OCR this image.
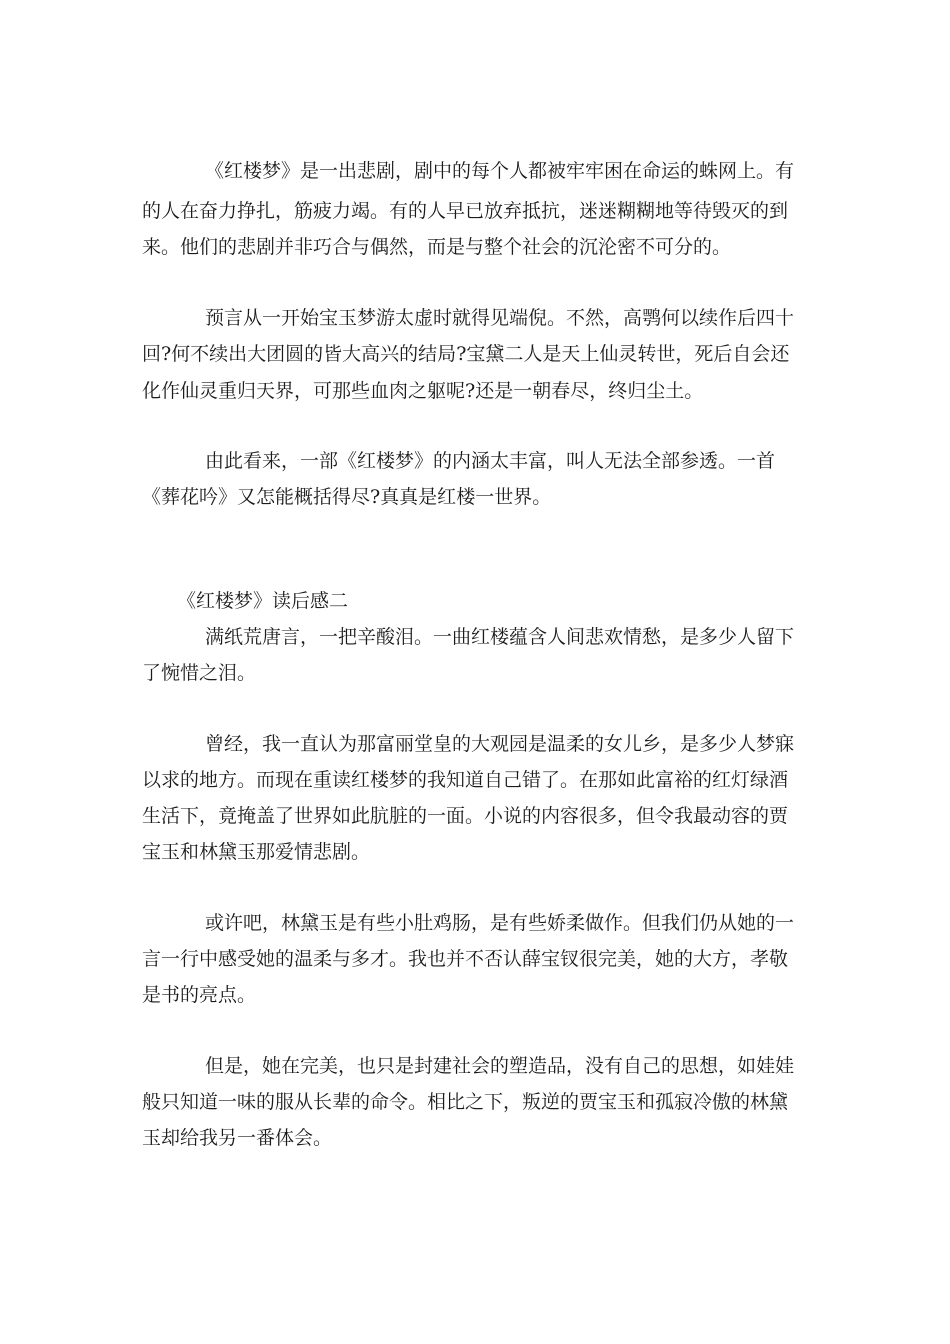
《红楼梦》是一出悲剧，剧中的每个人都被牢牢困在命运的蛛网上。有
的人在奋力挣扎，筋疲力竭。有的人早已放弃抵抗，迷迷糊糊地等待毁灭的到
来。他们的悲剧并非巧合与偶然，而是与整个社会的沉沦密不可分的。
预言从一开始宝玉梦游太虚时就得见端倪。不然，高鹗何以续作后四十
回?何不续出大团圆的皆大高兴的结局?宝黛二人是天上仙灵转世，死后自会还
化作仙灵重归天界，可那些血肉之躯呢?还是一朝春尽，终归尘土。
由此看来，一部《红楼梦》的内涵太丰富，叫人无法全部参透。一首
《葬花吟》又怎能概括得尽?真真是红楼一世界。
《红楼梦》读后感二
满纸荒唐言，一把辛酸泪。一曲红楼蕴含人间悲欢情愁，是多少人留下
了惋惜之泪。
曾经，我一直认为那富丽堂皇的大观园是温柔的女儿乡，是多少人梦寐
以求的地方。而现在重读红楼梦的我知道自己错了。在那如此富裕的红灯绿酒
生活下，竟掩盖了世界如此肮脏的一面。小说的内容很多，但令我最动容的贾
宝玉和林黛玉那爱情悲剧。
或许吧，林黛玉是有些小肚鸡肠，是有些娇柔做作。但我们仍从她的一
言一行中感受她的温柔与多才。我也并不否认薛宝钗很完美，她的大方，孝敬
是书的亮点。
但是，她在完美，也只是封建社会的塑造品，没有自己的思想，如娃娃
般只知道一味的服从长辈的命令。相比之下，叛逆的贾宝玉和孤寂冷傲的林黛
玉却给我另一番体会。
